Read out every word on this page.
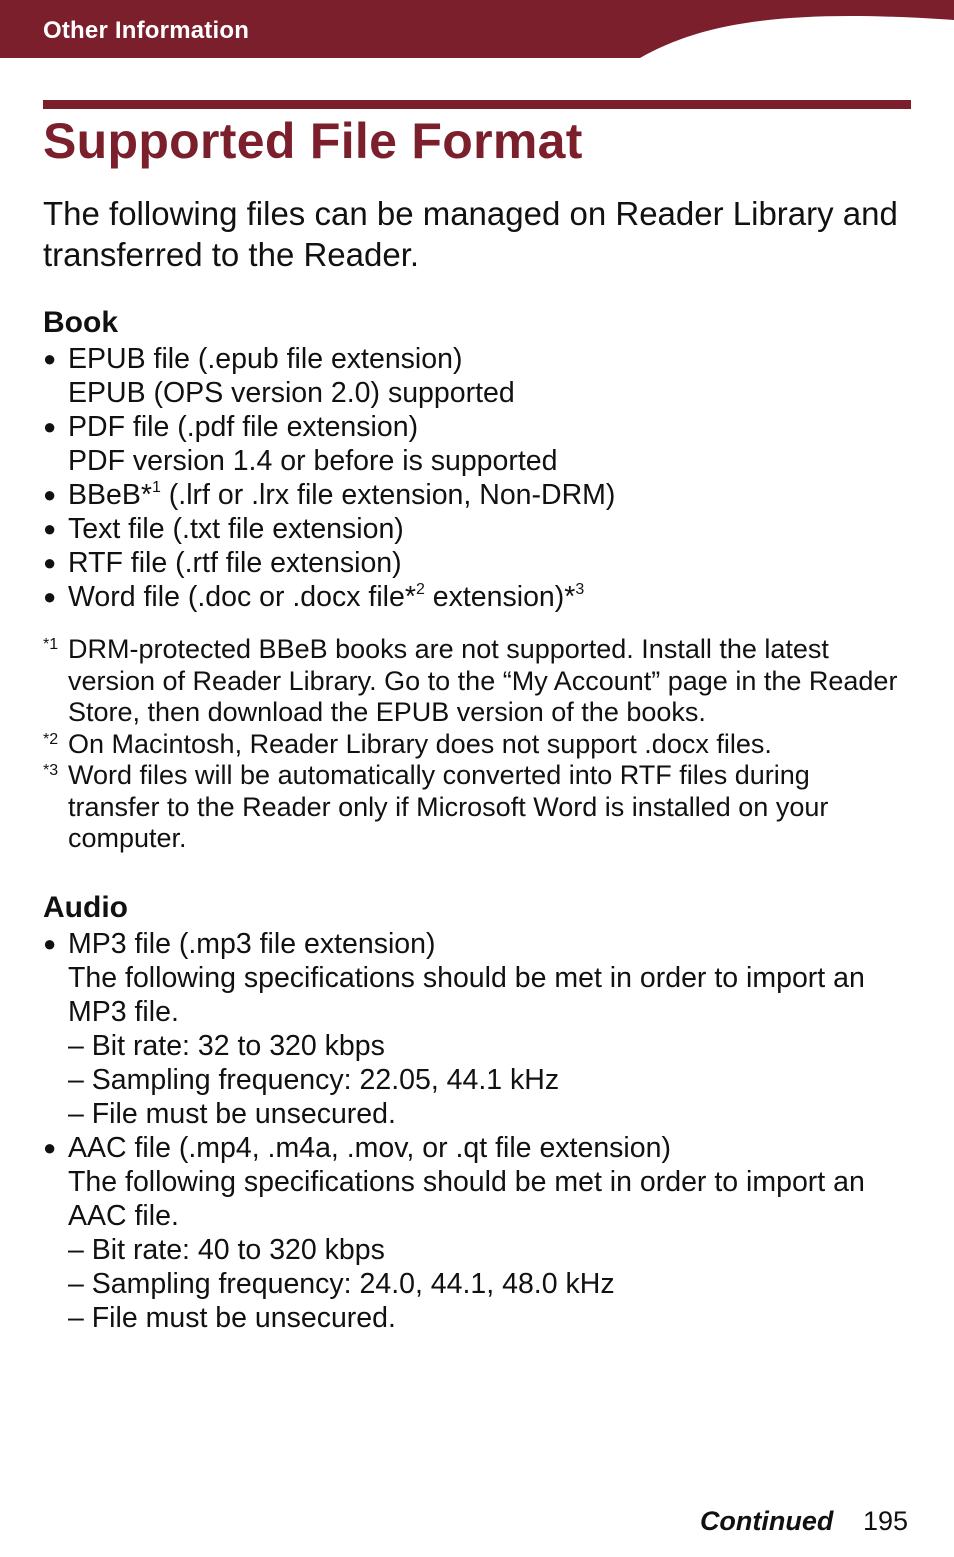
Other Information
Supported File Format

The following files can be managed on Reader Library and transferred to the Reader.

Book
● EPUB file (.epub file extension)
EPUB (OPS version 2.0) supported
● PDF file (.pdf file extension)
PDF version 1.4 or before is supported
● BBeB*$^1$ (.lrf or .lrx file extension, Non-DRM)
● Text file (.txt file extension)
● RTF file (.rtf file extension)
● Word file (.doc or .docx file*$^2$ extension)*$^3$
*1 DRM-protected BBeB books are not supported. Install the latest version of Reader Library. Go to the “My Account” page in the Reader Store, then download the EPUB version of the books.
*2 On Macintosh, Reader Library does not support .docx files.
*3 Word files will be automatically converted into RTF files during transfer to the Reader only if Microsoft Word is installed on your computer.
Audio
● MP3 file (.mp3 file extension)
The following specifications should be met in order to import an MP3 file.
– Bit rate: 32 to 320 kbps
– Sampling frequency: 22.05, 44.1 kHz
– File must be unsecured.
● AAC file (.mp4, .m4a, .mov, or .qt file extension)
The following specifications should be met in order to import an AAC file.
– Bit rate: 40 to 320 kbps
– Sampling frequency: 24.0, 44.1, 48.0 kHz
– File must be unsecured.
Continued 195
